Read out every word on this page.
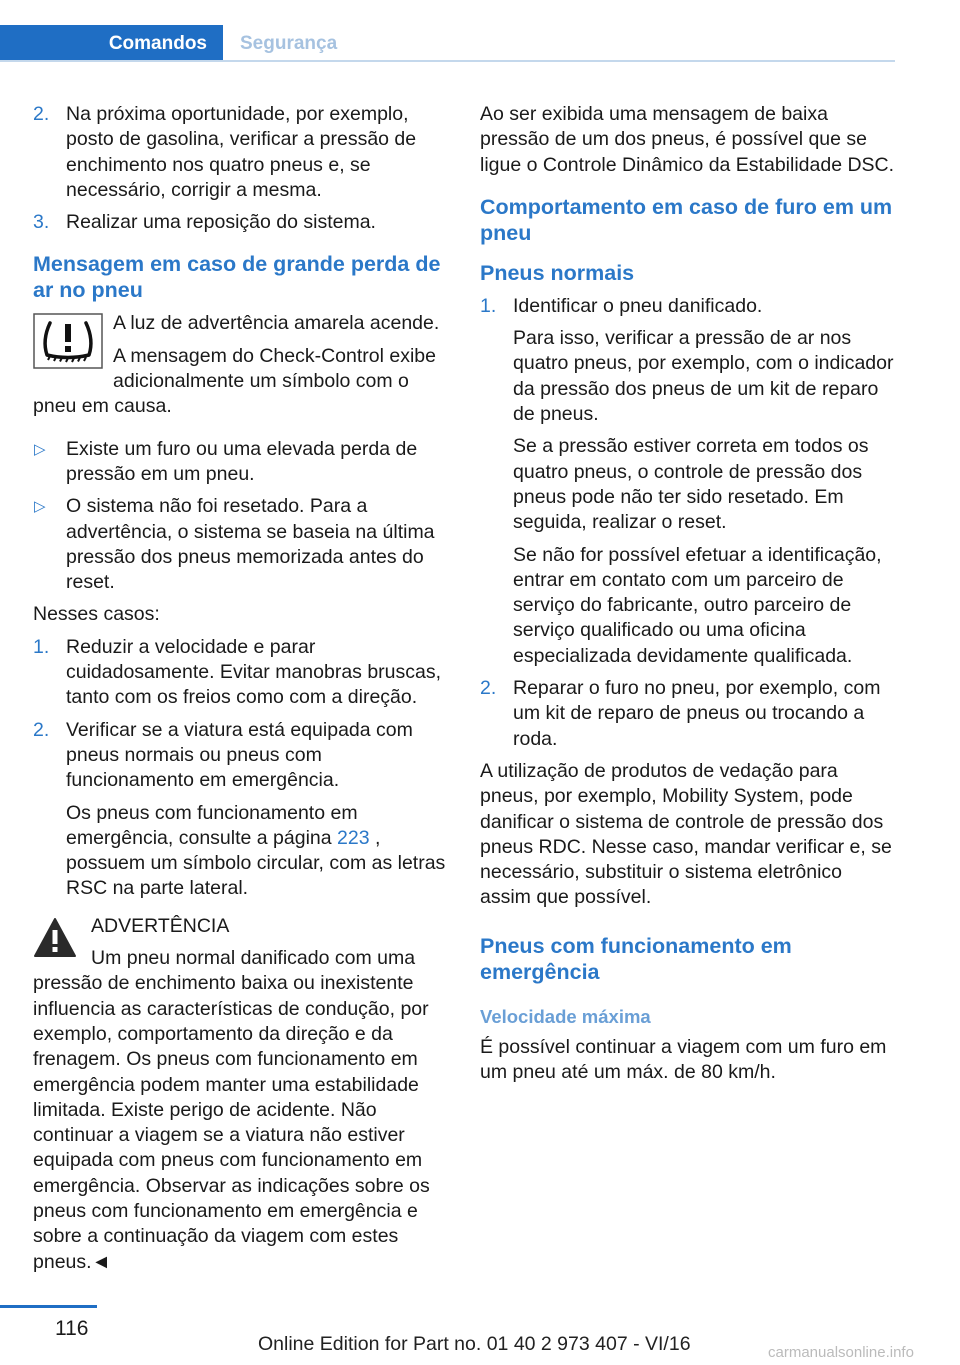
Comandos	Segurança
2. Na próxima oportunidade, por exemplo, posto de gasolina, verificar a pressão de enchimento nos quatro pneus e, se necessário, corrigir a mesma.
3. Realizar uma reposição do sistema.
Mensagem em caso de grande perda de ar no pneu

A luz de advertência amarela acende.

A mensagem do Check-Control exibe adicionalmente um símbolo com o pneu em causa.

▷ Existe um furo ou uma elevada perda de pressão em um pneu.
▷ O sistema não foi resetado. Para a advertência, o sistema se baseia na última pressão dos pneus memorizada antes do reset.

Nesses casos:

1. Reduzir a velocidade e parar cuidadosamente. Evitar manobras bruscas, tanto com os freios como com a direção.
2. Verificar se a viatura está equipada com pneus normais ou pneus com funcionamento em emergência.
Os pneus com funcionamento em emergência, consulte a página 223 , possuem um símbolo circular, com as letras RSC na parte lateral.

ADVERTÊNCIA

Um pneu normal danificado com uma pressão de enchimento baixa ou inexistente influencia as características de condução, por exemplo, comportamento da direção e da frenagem. Os pneus com funcionamento em emergência podem manter uma estabilidade limitada. Existe perigo de acidente. Não continuar a viagem se a viatura não estiver equipada com pneus com funcionamento em emergência. Observar as indicações sobre os pneus com funcionamento em emergência e sobre a continuação da viagem com estes pneus.◄

Ao ser exibida uma mensagem de baixa pressão de um dos pneus, é possível que se ligue o Controle Dinâmico da Estabilidade DSC.

Comportamento em caso de furo em um pneu
Pneus normais
1. Identificar o pneu danificado.
Para isso, verificar a pressão de ar nos quatro pneus, por exemplo, com o indicador da pressão dos pneus de um kit de reparo de pneus.
Se a pressão estiver correta em todos os quatro pneus, o controle de pressão dos pneus pode não ter sido resetado. Em seguida, realizar o reset.
Se não for possível efetuar a identificação, entrar em contato com um parceiro de serviço do fabricante, outro parceiro de serviço qualificado ou uma oficina especializada devidamente qualificada.
2. Reparar o furo no pneu, por exemplo, com um kit de reparo de pneus ou trocando a roda.

A utilização de produtos de vedação para pneus, por exemplo, Mobility System, pode danificar o sistema de controle de pressão dos pneus RDC. Nesse caso, mandar verificar e, se necessário, substituir o sistema eletrônico assim que possível.

Pneus com funcionamento em emergência
Velocidade máxima

É possível continuar a viagem com um furo em um pneu até um máx. de 80 km/h.

116
Online Edition for Part no. 01 40 2 973 407 - VI/16	carmanualsonline.info
